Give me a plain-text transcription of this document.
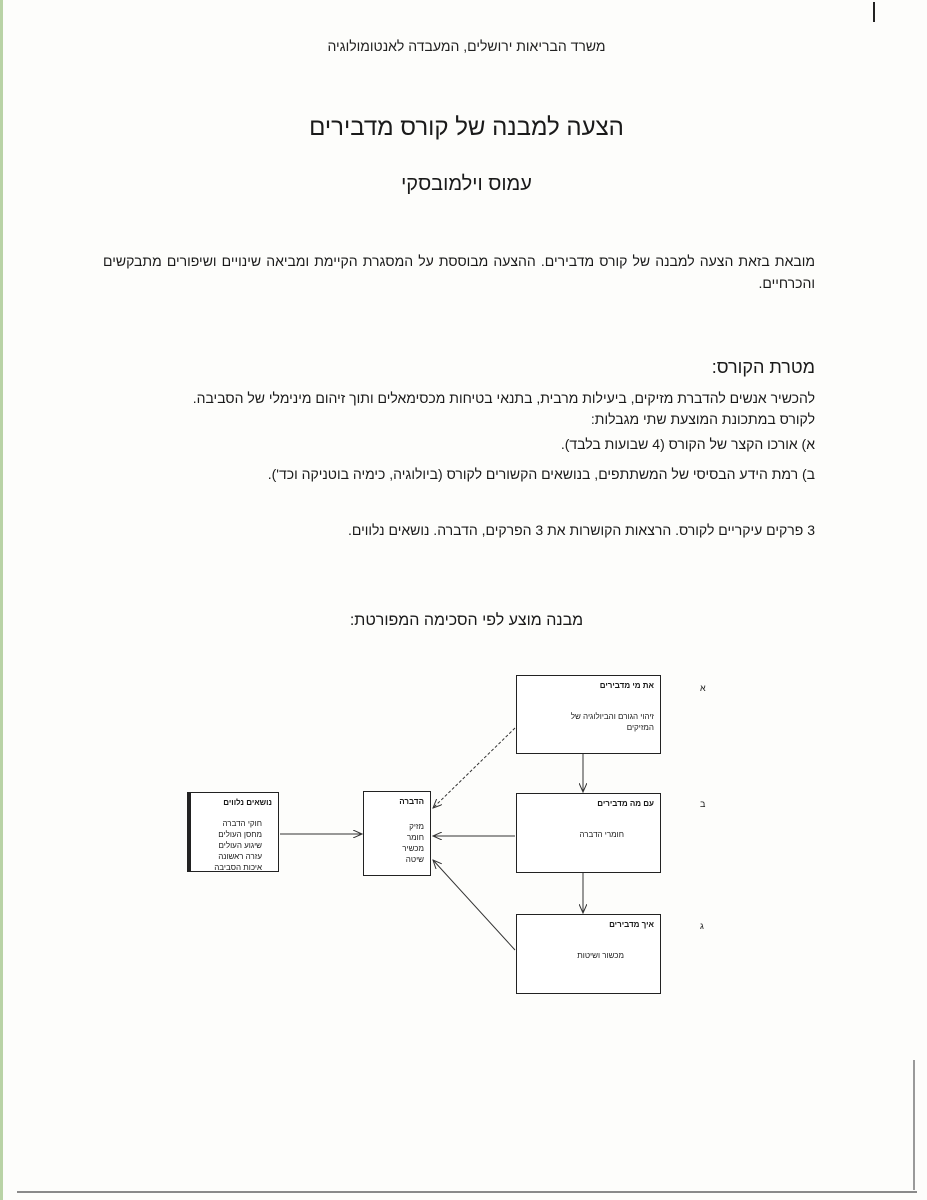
משרד הבריאות ירושלים, המעבדה לאנטומולוגיה
הצעה למבנה של קורס מדבירים
עמוס וילמובסקי
מובאת בזאת הצעה למבנה של קורס מדבירים. ההצעה מבוססת על המסגרת הקיימת ומביאה שינויים ושיפורים מתבקשים והכרחיים.
מטרת הקורס:
להכשיר אנשים להדברת מזיקים, ביעילות מרבית, בתנאי בטיחות מכסימאלים ותוך זיהום מינימלי של הסביבה.
לקורס במתכונת המוצעת שתי מגבלות:
א) אורכו הקצר של הקורס (4 שבועות בלבד).
ב) רמת הידע הבסיסי של המשתתפים, בנושאים הקשורים לקורס (ביולוגיה, כימיה בוטניקה וכד').
3 פרקים עיקריים לקורס. הרצאות הקושרות את 3 הפרקים, הדברה. נושאים נלווים.
מבנה מוצע לפי הסכימה המפורטת:
את מי מדבירים
זיהוי הגורם והביולוגיה של
המזיקים
א
עם מה מדבירים
חומרי הדברה
ב
איך מדבירים
מכשור ושיטות
ג
הדברה
מזיק
חומר
מכשיר
שיטה
נושאים נלווים
חוקי הדברה
מחסן העולים
שיגוע העולים
עזרה ראשונה
איכות הסביבה
